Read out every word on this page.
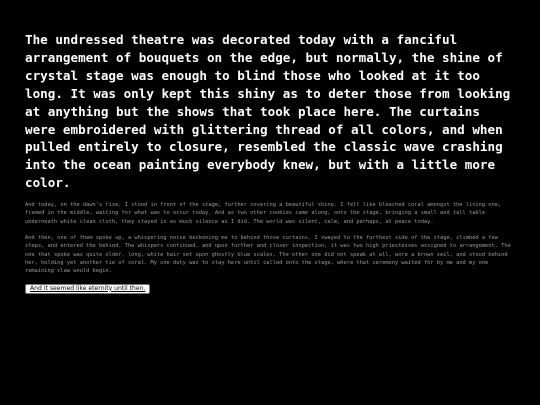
The undressed theatre was decorated today with a fanciful arrangement of bouquets on the edge, but normally, the shine of crystal stage was enough to blind those who looked at it too long. It was only kept this shiny as to deter those from looking at anything but the shows that took place here. The curtains were embroidered with glittering thread of all colors, and when pulled entirely to closure, resembled the classic wave crashing into the ocean painting everybody knew, but with a little more color.

And today, on the dawn's rise, I stood in front of the stage, further covering a beautiful shine. I felt like bleached coral amongst the living one, framed in the middle, waiting for what was to occur today. And as two other cookies came along, onto the stage, bringing a small and tall table underneath white clean cloth, they stayed in as much silence as I did. The world was silent, calm, and perhaps, at peace today.

And then, one of them spoke up, a whispering noise beckoning me to behind those curtains. I swayed to the furthest side of the stage, climbed a few steps, and entered the behind. The whispers continued, and upon further and closer inspection, it was two high priestesses assigned to arrangement. The one that spoke was quite older, long, white hair set upon ghostly blue scales. The other one did not speak at all, wore a brown veil, and stood behind her, holding yet another tie of coral. My one duty was to stay here until called onto the stage, where that ceremony waited for by me and my one remaining claw would begin.

And it seemed like eternity until then.
